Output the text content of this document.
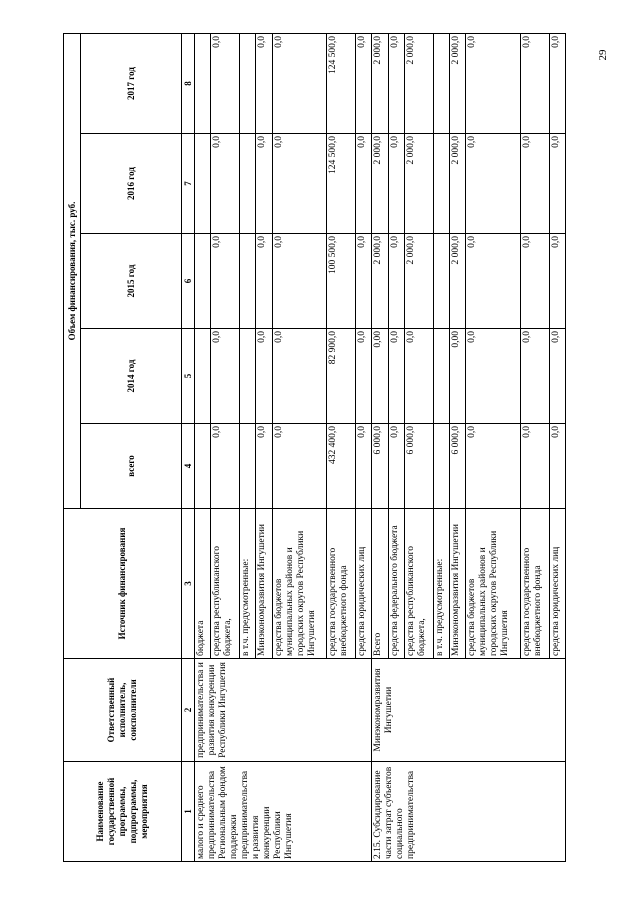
29
Наименование государственной программы, подпрограммы, мероприятия	Ответственный исполнитель, соисполнители	Источник финансирования	Объем финансирования, тыс. руб.				
			всего	2014 год	2015 год	2016 год	2017 год
1	2	3	4	5	6	7	8
малого и среднего предпринимательства Региональным фондом поддержки предпринимательства и развития конкуренции Республики Ингушетия	предпринимательства и развития конкуренции Республики Ингушетия	бюджета					
		средства республиканского бюджета,	0,0	0,0	0,0	0,0	0,0
		в т.ч. предусмотренные:					
		Минэкономразвития Ингушетии	0,0	0,0	0,0	0,0	0,0
		средства бюджетов муниципальных районов и городских округов Республики Ингушетия	0,0	0,0	0,0	0,0	0,0
		средства государственного внебюджетного фонда	432 400,0	82 900,0	100 500,0	124 500,0	124 500,0
		средства юридических лиц	0,0	0,0	0,0	0,0	0,0
2.15. Субсидирование части затрат субъектов социального предпринимательства	Минэкономразвития Ингушетии	Всего	6 000,0	0,00	2 000,0	2 000,0	2 000,0
		средства федерального бюджета	0,0	0,0	0,0	0,0	0,0
		средства республиканского бюджета,	6 000,0	0,0	2 000,0	2 000,0	2 000,0
		в т.ч. предусмотренные:					
		Минэкономразвития Ингушетии	6 000,0	0,00	2 000,0	2 000,0	2 000,0
		средства бюджетов муниципальных районов и городских округов Республики Ингушетия	0,0	0,0	0,0	0,0	0,0
		средства государственного внебюджетного фонда	0,0	0,0	0,0	0,0	0,0
		средства юридических лиц	0,0	0,0	0,0	0,0	0,0
